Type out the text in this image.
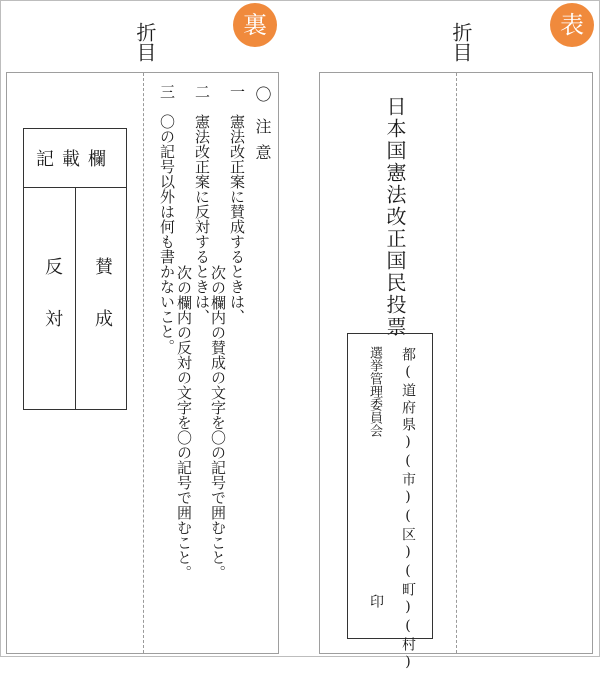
裏
折目
記載欄
反対 賛成
〇　注意
一　憲法改正案に賛成するときは、
次の欄内の賛成の文字を〇の記号で囲むこと。
二　憲法改正案に反対するときは、
次の欄内の反対の文字を〇の記号で囲むこと。
三　〇の記号以外は何も書かないこと。
表
折目
日本国憲法改正国民投票
都(道府県)(市)(区)(町)(村)
選挙管理委員会
印
